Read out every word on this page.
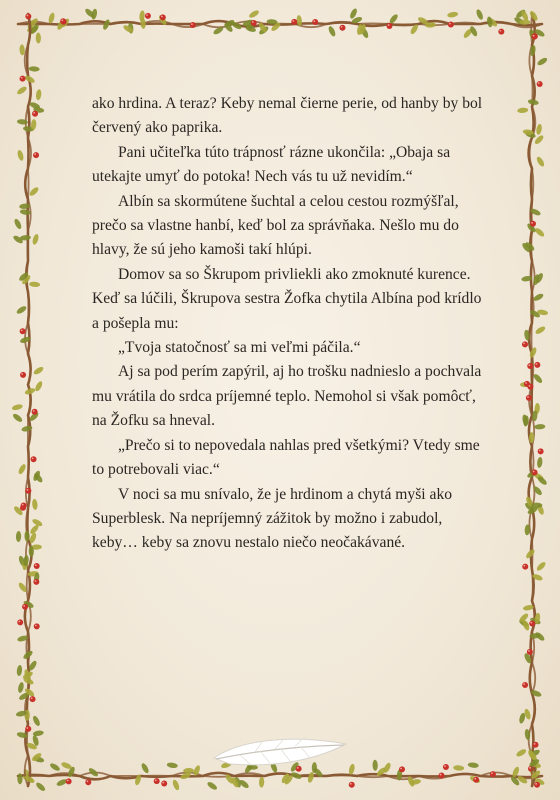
ako hrdina. A teraz? Keby nemal čierne perie, od hanby by bol červený ako paprika.

Pani učiteľka túto trápnosť rázne ukončila: „Obaja sa utekajte umyť do potoka! Nech vás tu už nevidím.“

Albín sa skormútene šuchtal a celou cestou rozmýšľal, prečo sa vlastne hanbí, keď bol za správňaka. Nešlo mu do hlavy, že sú jeho kamoši takí hlúpi.

Domov sa so Škrupom privliekli ako zmoknuté kurence. Keď sa lúčili, Škrupova sestra Žofka chytila Albína pod krídlo a pošepla mu:

„Tvoja statočnosť sa mi veľmi páčila.“

Aj sa pod perím zapýril, aj ho trošku nadnieslo a pochvala mu vrátila do srdca príjemné teplo. Nemohol si však pomôcť, na Žofku sa hneval.

„Prečo si to nepovedala nahlas pred všetkými? Vtedy sme to potrebovali viac.“

V noci sa mu snívalo, že je hrdinom a chytá myši ako Superblesk. Na nepríjemný zážitok by možno i zabudol, keby… keby sa znovu nestalo niečo neočakávané.
